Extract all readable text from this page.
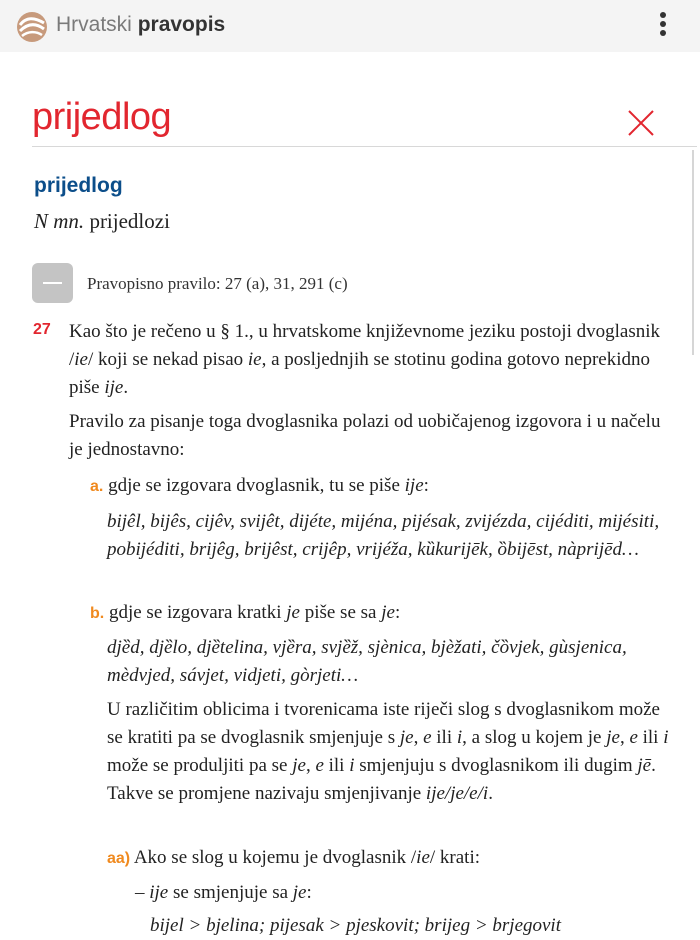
Hrvatski pravopis
prijedlog
prijedlog
N mn. prijedlozi
Pravopisno pravilo: 27 (a), 31, 291 (c)
27 Kao što je rečeno u § 1., u hrvatskome književnome jeziku postoji dvoglasnik /ie/ koji se nekad pisao ie, a posljednjih se stotinu godina gotovo neprekidno piše ije.

Pravilo za pisanje toga dvoglasnika polazi od uobičajenog izgovora i u načelu je jednostavno:

a. gdje se izgovara dvoglasnik, tu se piše ije:

bijêl, bijês, cijêv, svijêt, dijéte, mijéna, pijésak, zvijézda, cijéditi, mijésiti, pobijéditi, brijêg, brijêst, crijêp, vrijéža, kȕkurijēk, ȍbijēst, nàprijēd…

b. gdje se izgovara kratki je piše se sa je:

djȅd, djȅlo, djȅtelina, vjȅra, svjȅž, sjènica, bjèžati, čȍvjek, gùsjenica, mèdvjed, sávjet, vidjeti, gòrjeti…

U različitim oblicima i tvorenicama iste riječi slog s dvoglasnikom može se kratiti pa se dvoglasnik smjenjuje s je, e ili i, a slog u kojem je je, e ili i može se produljiti pa se je, e ili i smjenjuju s dvoglasnikom ili dugim jē. Takve se promjene nazivaju smjenjivanje ije/je/e/i.

aa) Ako se slog u kojemu je dvoglasnik /ie/ krati:

– ije se smjenjuje sa je:

bijel > bjelina; pijesak > pjeskovit; brijeg > brjegovit
